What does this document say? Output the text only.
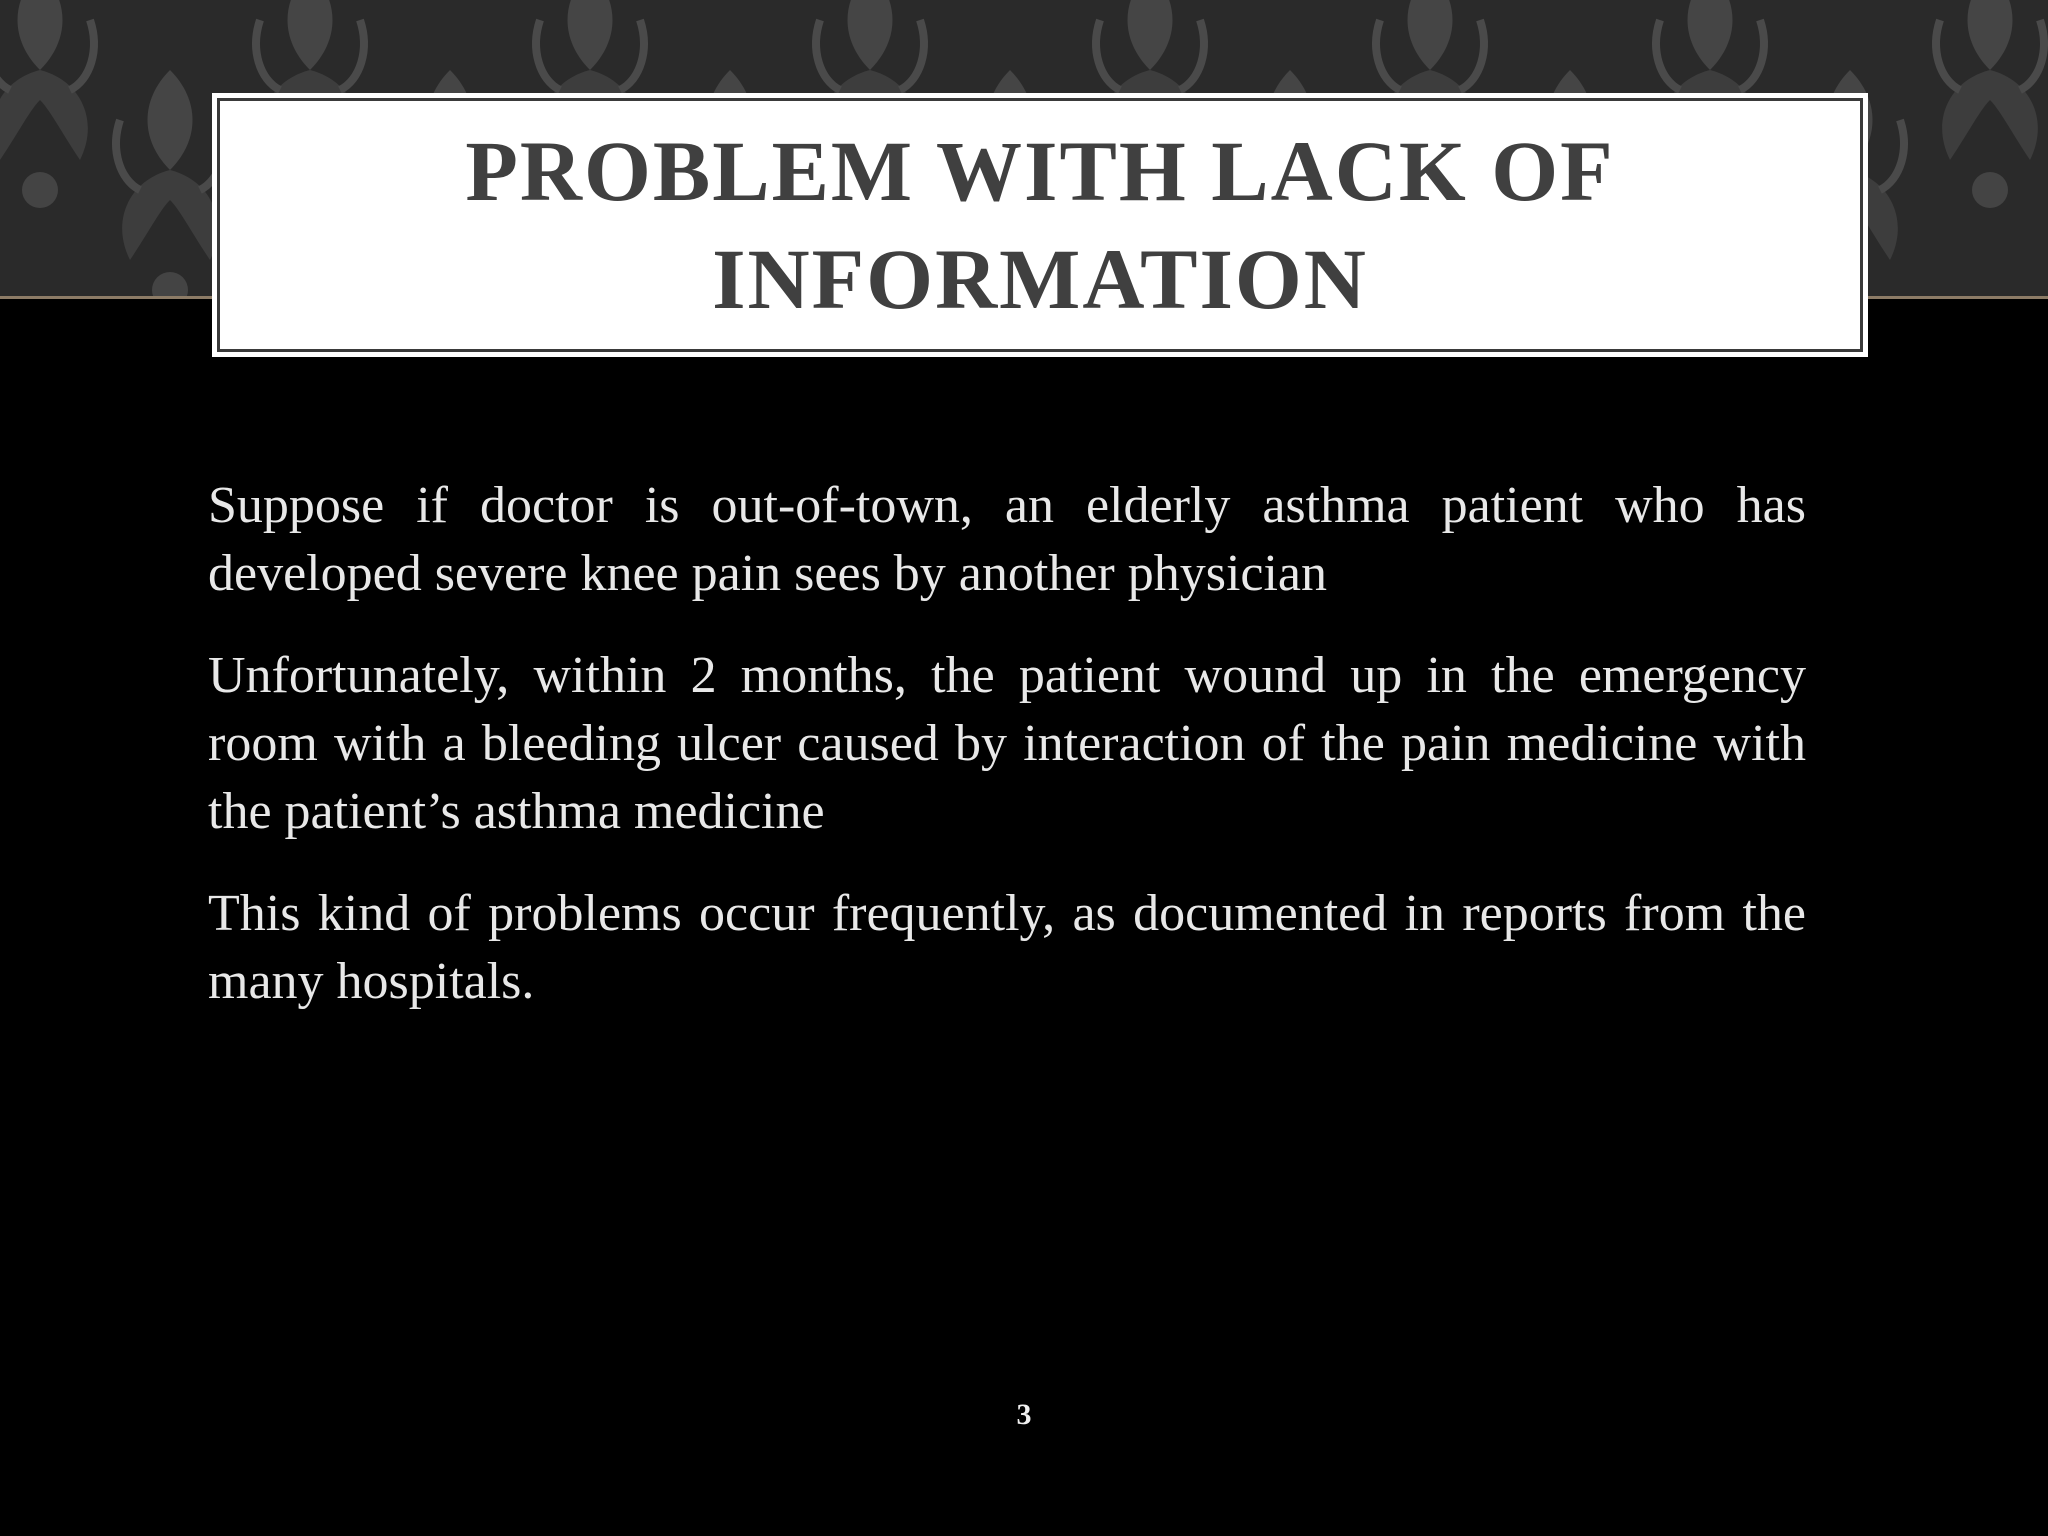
PROBLEM WITH LACK OF INFORMATION

Suppose if doctor is out-of-town, an elderly asthma patient who has developed severe knee pain sees by another physician

Unfortunately, within 2 months, the patient wound up in the emergency room with a bleeding ulcer caused by interaction of the pain medicine with the patient’s asthma medicine

This kind of problems occur frequently, as documented in reports from the many hospitals.

3
